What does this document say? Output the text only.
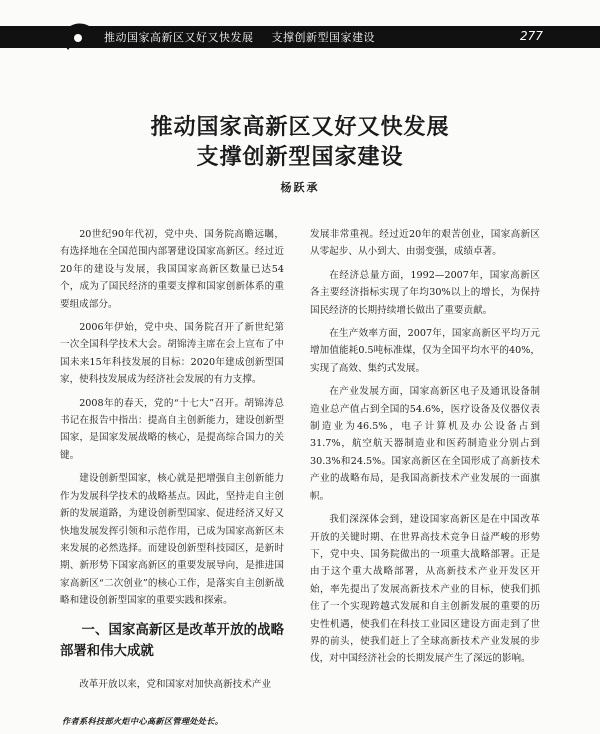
推动国家高新区又好又快发展 支撑创新型国家建设	277
推动国家高新区又好又快发展
支撑创新型国家建设
杨跃承

20世纪90年代初，党中央、国务院高瞻远瞩，有选择地在全国范围内部署建设国家高新区。经过近20年的建设与发展，我国国家高新区数量已达54个，成为了国民经济的重要支撑和国家创新体系的重要组成部分。

2006年伊始，党中央、国务院召开了新世纪第一次全国科学技术大会。胡锦涛主席在会上宣布了中国未来15年科技发展的目标：2020年建成创新型国家，使科技发展成为经济社会发展的有力支撑。

2008年的春天，党的“十七大”召开。胡锦涛总书记在报告中指出：提高自主创新能力，建设创新型国家，是国家发展战略的核心，是提高综合国力的关键。

建设创新型国家，核心就是把增强自主创新能力作为发展科学技术的战略基点。因此，坚持走自主创新的发展道路，为建设创新型国家、促进经济又好又快地发展发挥引领和示范作用，已成为国家高新区未来发展的必然选择。而建设创新型科技园区，是新时期、新形势下国家高新区的重要发展导向，是推进国家高新区“二次创业”的核心工作，是落实自主创新战略和建设创新型国家的重要实践和探索。

一、国家高新区是改革开放的战略部署和伟大成就

改革开放以来，党和国家对加快高新技术产业

发展非常重视。经过近20年的艰苦创业，国家高新区从零起步、从小到大、由弱变强，成绩卓著。

在经济总量方面，1992—2007年，国家高新区各主要经济指标实现了年均30%以上的增长，为保持国民经济的长期持续增长做出了重要贡献。

在生产效率方面，2007年，国家高新区平均万元增加值能耗0.5吨标准煤，仅为全国平均水平的40%，实现了高效、集约式发展。

在产业发展方面，国家高新区电子及通讯设备制造业总产值占到全国的54.6%，医疗设备及仪器仪表制造业为46.5%，电子计算机及办公设备占到31.7%，航空航天器制造业和医药制造业分别占到30.3%和24.5%。国家高新区在全国形成了高新技术产业的战略布局，是我国高新技术产业发展的一面旗帜。

我们深深体会到，建设国家高新区是在中国改革开放的关键时期、在世界高技术竞争日益严峻的形势下，党中央、国务院做出的一项重大战略部署。正是由于这个重大战略部署，从高新技术产业开发区开始，率先提出了发展高新技术产业的目标，使我们抓住了一个实现跨越式发展和自主创新发展的重要的历史性机遇，使我们在科技工业园区建设方面走到了世界的前头，使我们赶上了全球高新技术产业发展的步伐，对中国经济社会的长期发展产生了深远的影响。

作者系科技部火炬中心高新区管理处处长。
